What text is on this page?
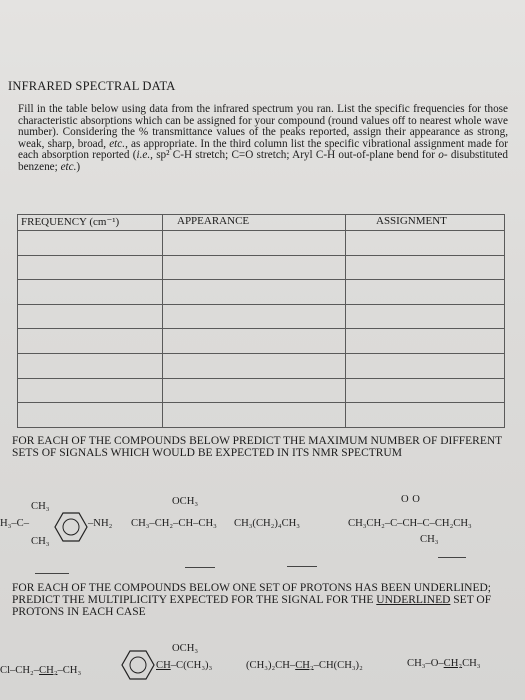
INFRARED SPECTRAL DATA
Fill in the table below using data from the infrared spectrum you ran. List the specific frequencies for those characteristic absorptions which can be assigned for your compound (round values off to nearest whole wave number). Considering the % transmittance values of the peaks reported, assign their appearance as strong, weak, sharp, broad, etc., as appropriate. In the third column list the specific vibrational assignment made for each absorption reported (i.e., sp² C-H stretch; C=O stretch; Aryl C-H out-of-plane bend for o- disubstituted benzene; etc.)
FREQUENCY (cm⁻¹)	APPEARANCE	ASSIGNMENT

FOR EACH OF THE COMPOUNDS BELOW PREDICT THE MAXIMUM NUMBER OF DIFFERENT SETS OF SIGNALS WHICH WOULD BE EXPECTED IN ITS NMR SPECTRUM
CH₃
H₃–C–
CH₃
–NH₂
OCH₃
CH₃–CH₂–CH–CH₃ CH₃(CH₂)₄CH₃
O O
CH₃CH₂–C–CH–C–CH₂CH₃
CH₃
FOR EACH OF THE COMPOUNDS BELOW ONE SET OF PROTONS HAS BEEN UNDERLINED; PREDICT THE MULTIPLICITY EXPECTED FOR THE SIGNAL FOR THE UNDERLINED SET OF PROTONS IN EACH CASE
Cl–CH₂–CH₂–CH₃
OCH₃
CH–C(CH₃)₃	(CH₃)₂CH–CH₂–CH(CH₃)₂	CH₃–O–CH₂CH₃
